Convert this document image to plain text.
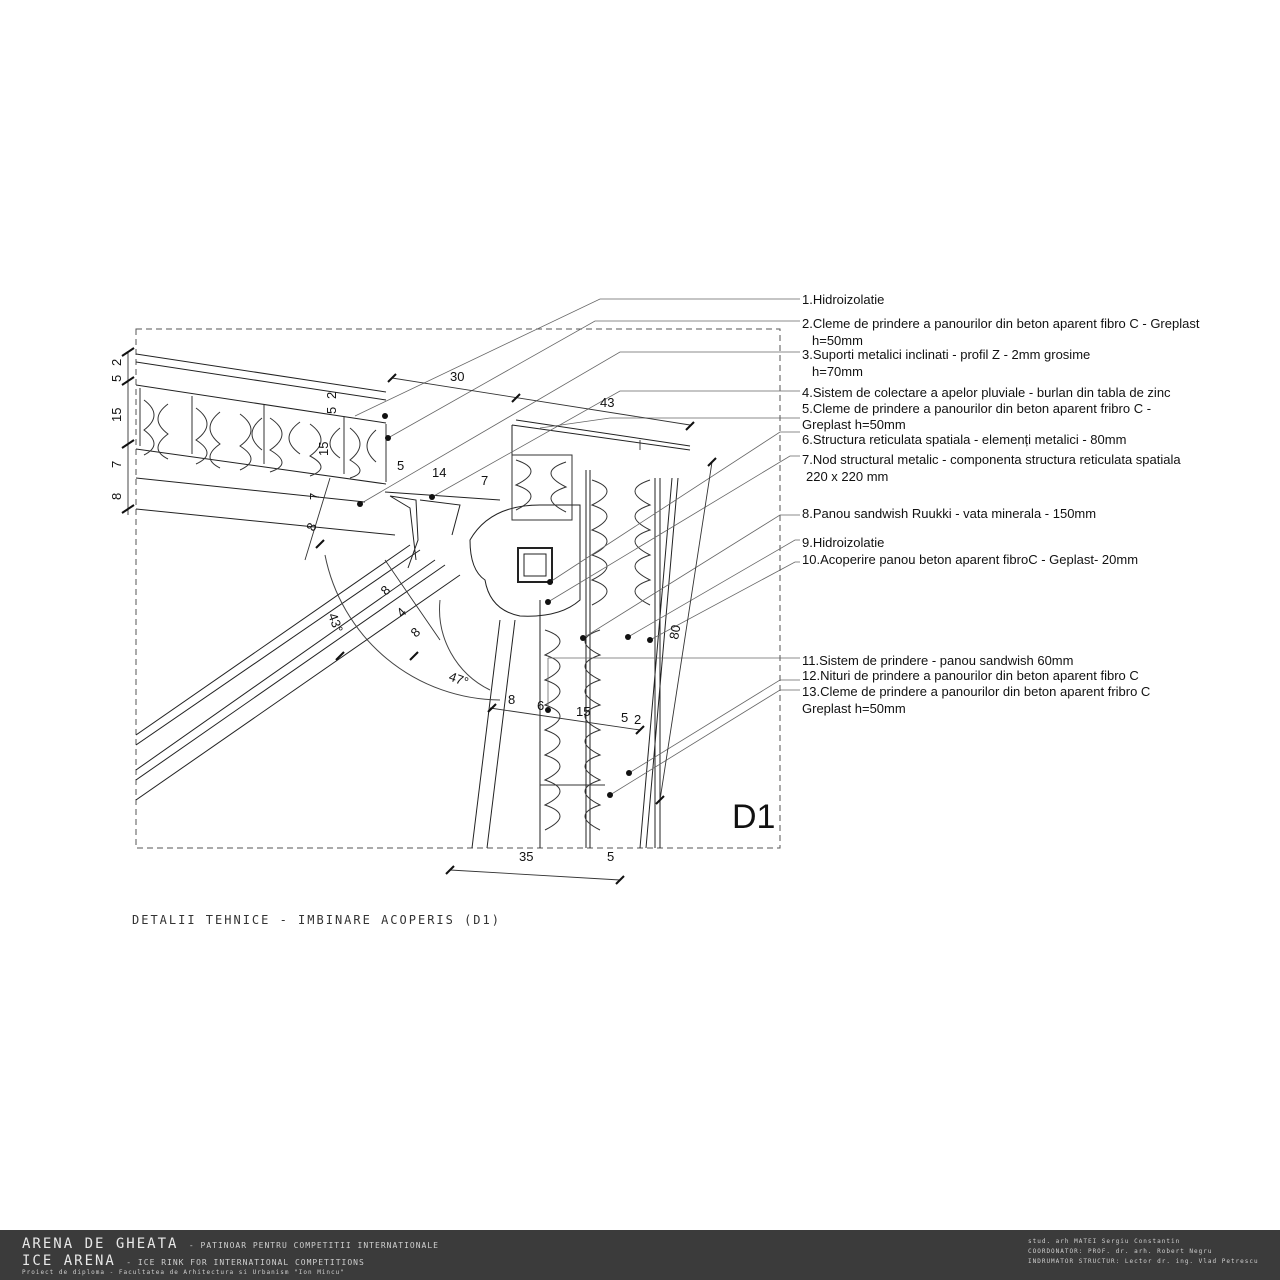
5
2
15
7
8
30
43
5
2
15
5 14
7
7
8
8
4
8
43°
47°
8 6 15 5 2
80
35	5
1.Hidroizolatie
2.Cleme de prindere a panourilor din beton aparent fibro C - Greplast
h=50mm
3.Suporti metalici inclinati - profil Z - 2mm grosime
h=70mm
4.Sistem de colectare a apelor pluviale - burlan din tabla de zinc
5.Cleme de prindere a panourilor din beton aparent fribro C -
Greplast h=50mm
6.Structura reticulata spatiala - elemenți metalici - 80mm
7.Nod structural metalic - componenta structura reticulata spatiala
220 x 220 mm
8.Panou sandwish Ruukki - vata minerala - 150mm
9.Hidroizolatie
10.Acoperire panou beton aparent fibroC - Geplast- 20mm
11.Sistem de prindere - panou sandwish 60mm
12.Nituri de prindere a panourilor din beton aparent fibro C
13.Cleme de prindere a panourilor din beton aparent fribro C
Greplast h=50mm
D1
DETALII TEHNICE - IMBINARE ACOPERIS (D1)
ARENA DE GHEATA - PATINOAR PENTRU COMPETITII INTERNATIONALE
ICE ARENA - ICE RINK FOR INTERNATIONAL COMPETITIONS
Proiect de diploma - Facultatea de Arhitectura si Urbanism "Ion Mincu"
stud. arh MATEI Sergiu Constantin
COORDONATOR: PROF. dr. arh. Robert Negru
INDRUMATOR STRUCTUR: Lector dr. ing. Vlad Petrescu
